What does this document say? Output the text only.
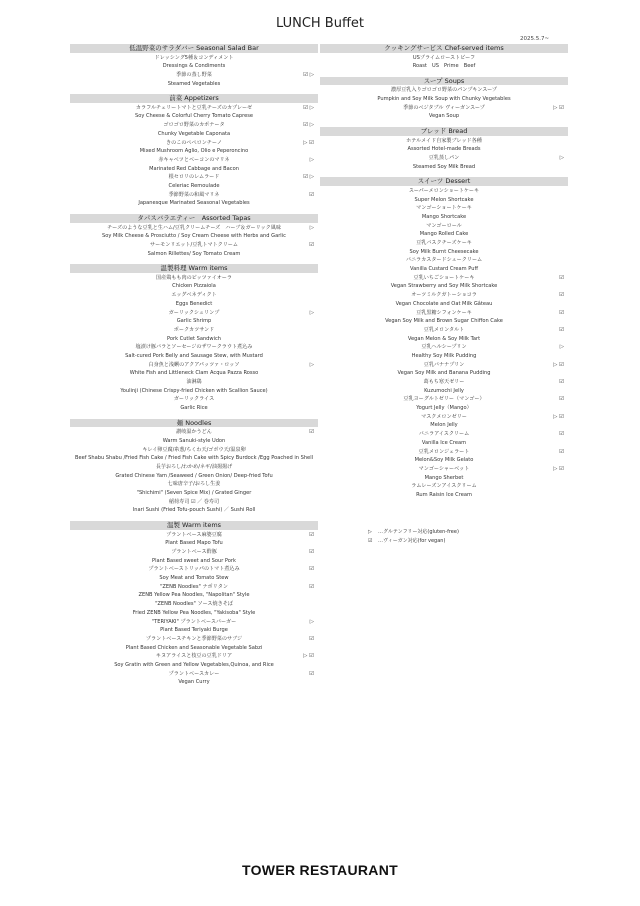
LUNCH Buffet
2025.5.7~
低温野菜のサラダバー Seasonal Salad Bar
ドレッシング5種＆コンディメント
Dressings & Condiments
季節の蒸し野菜	☑ ▷
Steamed Vegetables
前菜 Appetizers
カラフルチェリートマトと豆乳チーズのカプレーゼ	☑ ▷
Soy Cheese & Colorful Cherry Tomato Caprese
ゴロゴロ野菜のカポナータ	☑ ▷
Chunky Vegetable Caponata
きのこのペペロンチーノ	▷ ☑
Mixed Mushroom Aglio, Olio e Peperoncino
赤キャベツとベーコンのマリネ	▷
Marinated Red Cabbage and Bacon
根セロリのレムラード	☑ ▷
Celeriac Remoulade
季節野菜の和風マリネ	☑
Japanesque Marinated Seasonal Vegetables
タパスバラエティー　Assorted Tapas
チーズのような豆乳と生ハム/豆乳クリームチーズ　ハーブ＆ガーリック風味	▷
Soy Milk Cheese & Prosciutto / Soy Cream Cheese with Herbs and Garlic
サーモンリエット/豆乳トマトクリーム	☑
Salmon Rillettes/ Soy Tomato Cream
温製料理 Warm items
国産鶏もも肉のピッツァイオーラ
Chicken Pizzaiola
エッグベネディクト
Eggs Benedict
ガーリックシュリンプ	▷
Garlic Shrimp
ポークカツサンド
Pork Cutlet Sandwich
塩漬け豚バラとソーセージのザワークラウト煮込み
Salt-cured Pork Belly and Sausage Stew, with Mustard
白身魚と浅蜊のアクアパッツァ・ロッソ	▷
White Fish and Littleneck Clam Acqua Pazza Rosso
油淋鶏
Youlinji (Chinese Crispy-fried Chicken with Scallion Sauce)
ガーリックライス
Garlic Rice
麺 Noodles
讃岐温かうどん	☑
Warm Sanuki-style Udon
キレイ卵豆腐/糸葱/ちくわ天/ゴボウ天/温泉卵
Beef Shabu Shabu /Fried Fish Cake / Fried Fish Cake with Spicy Burdock /Egg Poached in Shell
長芋おろし/わかめ/ネギ/油揚揚げ
Grated Chinese Yam /Seaweed / Green Onion/ Deep-fried Tofu
七味唐辛子/おろし生姜
"Shichimi" (Seven Spice Mix) / Grated Ginger
稲荷寿司 ☑ ／ 巻寿司
Inari Sushi (Fried Tofu-pouch Sushi) ／ Sushi Roll
温製 Warm items
プラントベース麻婆豆腐	☑
Plant Based Mapo Tofu
プラントベース酢豚	☑
Plant Based sweet and Sour Pork
プラントベーストリッパのトマト煮込み	☑
Soy Meat and Tomato Stew
"ZENB Noodles" ナポリタン	☑
ZENB Yellow Pea Noodles, "Napolitan" Style
"ZENB Noodles" ソース焼きそば
Fried ZENB Yellow Pea Noodles, "Yakisoba" Style
"TERIYAKI" プラントベースバーガー	▷
Plant Based Teriyaki Burge
プラントベースチキンと季節野菜のサブジ	☑
Plant Based Chicken and Seasonable Vegetable Sabzi
キヌアライスと枝豆の豆乳ドリア	▷ ☑
Soy Gratin with Green and Yellow Vegetables,Quinoa, and Rice
プラントベースカレー	☑
Vegan Curry
クッキングサービス Chef-served items
USプライムローストビーフ
Roast　US　Prime　Beef
スープ Soups
濃厚豆乳入りゴロゴロ野菜のパンプキンスープ
Pumpkin and Soy Milk Soup with Chunky Vegetables
季節のベジタブル ヴィーガンスープ	▷ ☑
Vegan Soup
ブレッド Bread
ホテルメイド自家製ブレッド各種
Assorted Hotel-made Breads
豆乳蒸しパン	▷
Steamed Soy Milk Bread
スイーツ Dessert
スーパーメロンショートケーキ
Super Melon Shortcake
マンゴーショートケーキ
Mango Shortcake
マンゴーロール
Mango Rolled Cake
豆乳バスクチーズケーキ
Soy Milk Burnt Cheesecake
バニラカスタードシュークリーム
Vanilla Custard Cream Puff
豆乳いちごショートケーキ	☑
Vegan Strawberry and Soy Milk Shortcake
オーツミルクガトーショコラ	☑
Vegan Chocolate and Oat Milk Gâteau
豆乳黒糖シフォンケーキ	☑
Vegan Soy Milk and Brown Sugar Chiffon Cake
豆乳メロンタルト	☑
Vegan Melon & Soy Milk Tart
豆乳ヘルシープリン	▷
Healthy Soy Milk Pudding
豆乳バナナプリン	▷ ☑
Vegan Soy Milk and Banana Pudding
葛もち寒天ゼリー	☑
Kuzumochi Jelly
豆乳ヨーグルトゼリー（マンゴー）	☑
Yogurt Jelly（Mango）
マスクメロンゼリー	▷ ☑
Melon Jelly
バニラアイスクリーム	☑
Vanilla Ice Cream
豆乳メロンジェラート	☑
Melon&Soy Milk Gelato
マンゴーシャーベット	▷ ☑
Mango Sherbet
ラムレーズンアイスクリーム
Rum Raisin Ice Cream
▷ …グルテンフリー対応(gluten-free)
☑ …ヴィーガン対応(for vegan)
TOWER RESTAURANT
